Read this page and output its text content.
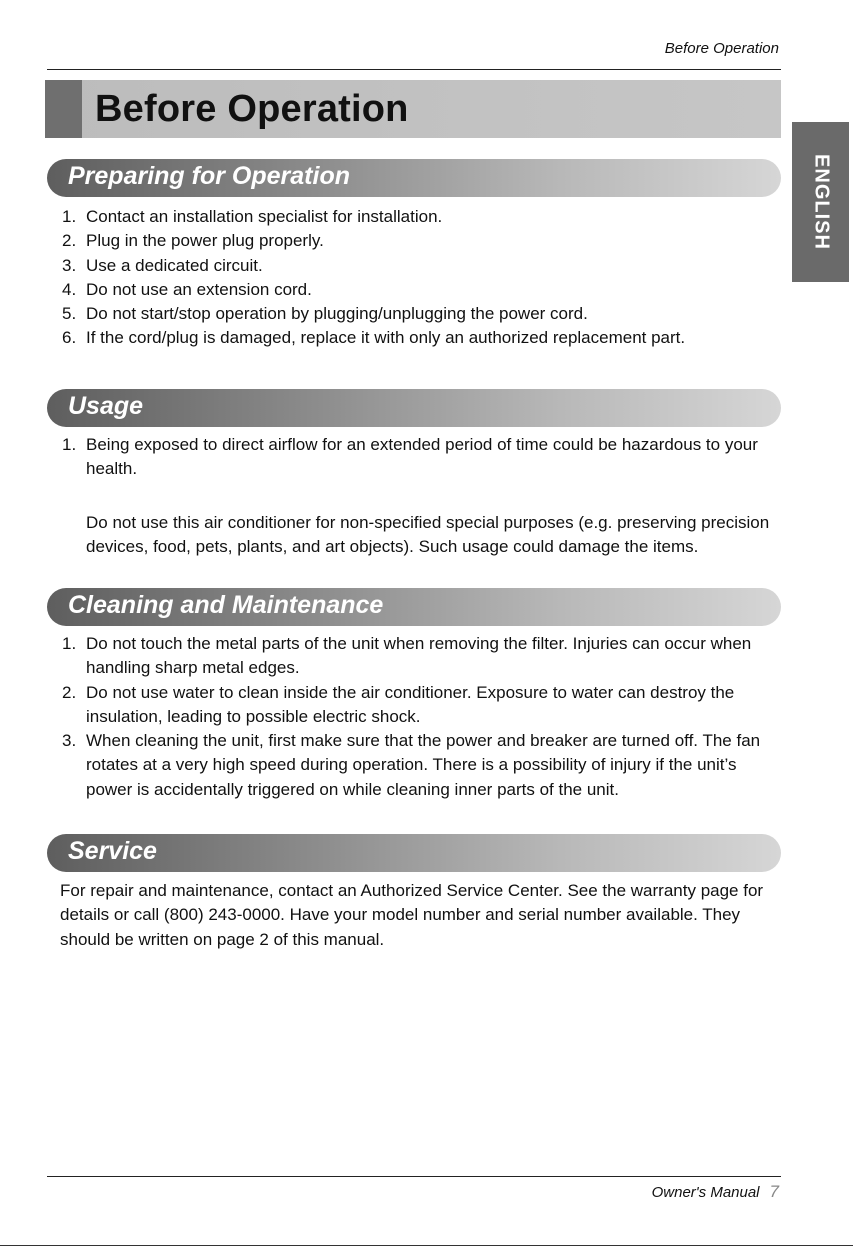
Before Operation
Before Operation
ENGLISH
Preparing for Operation
1. Contact an installation specialist for installation.
2. Plug in the power plug properly.
3. Use a dedicated circuit.
4. Do not use an extension cord.
5. Do not start/stop operation by plugging/unplugging the power cord.
6. If the cord/plug is damaged, replace it with only an authorized replacement part.
Usage
1. Being exposed to direct airflow for an extended period of time could be hazardous to your health.

Do not use this air conditioner for non-specified special purposes (e.g. preserving precision devices, food, pets, plants, and art objects). Such usage could damage the items.

Cleaning and Maintenance
1. Do not touch the metal parts of the unit when removing the filter. Injuries can occur when handling sharp metal edges.
2. Do not use water to clean inside the air conditioner. Exposure to water can destroy the insulation, leading to possible electric shock.
3. When cleaning the unit, first make sure that the power and breaker are turned off. The fan rotates at a very high speed during operation. There is a possibility of injury if the unit’s power is accidentally triggered on while cleaning inner parts of the unit.
Service

For repair and maintenance, contact an Authorized Service Center. See the warranty page for details or call (800) 243-0000. Have your model number and serial number available. They should be written on page 2 of this manual.

Owner's Manual 7
